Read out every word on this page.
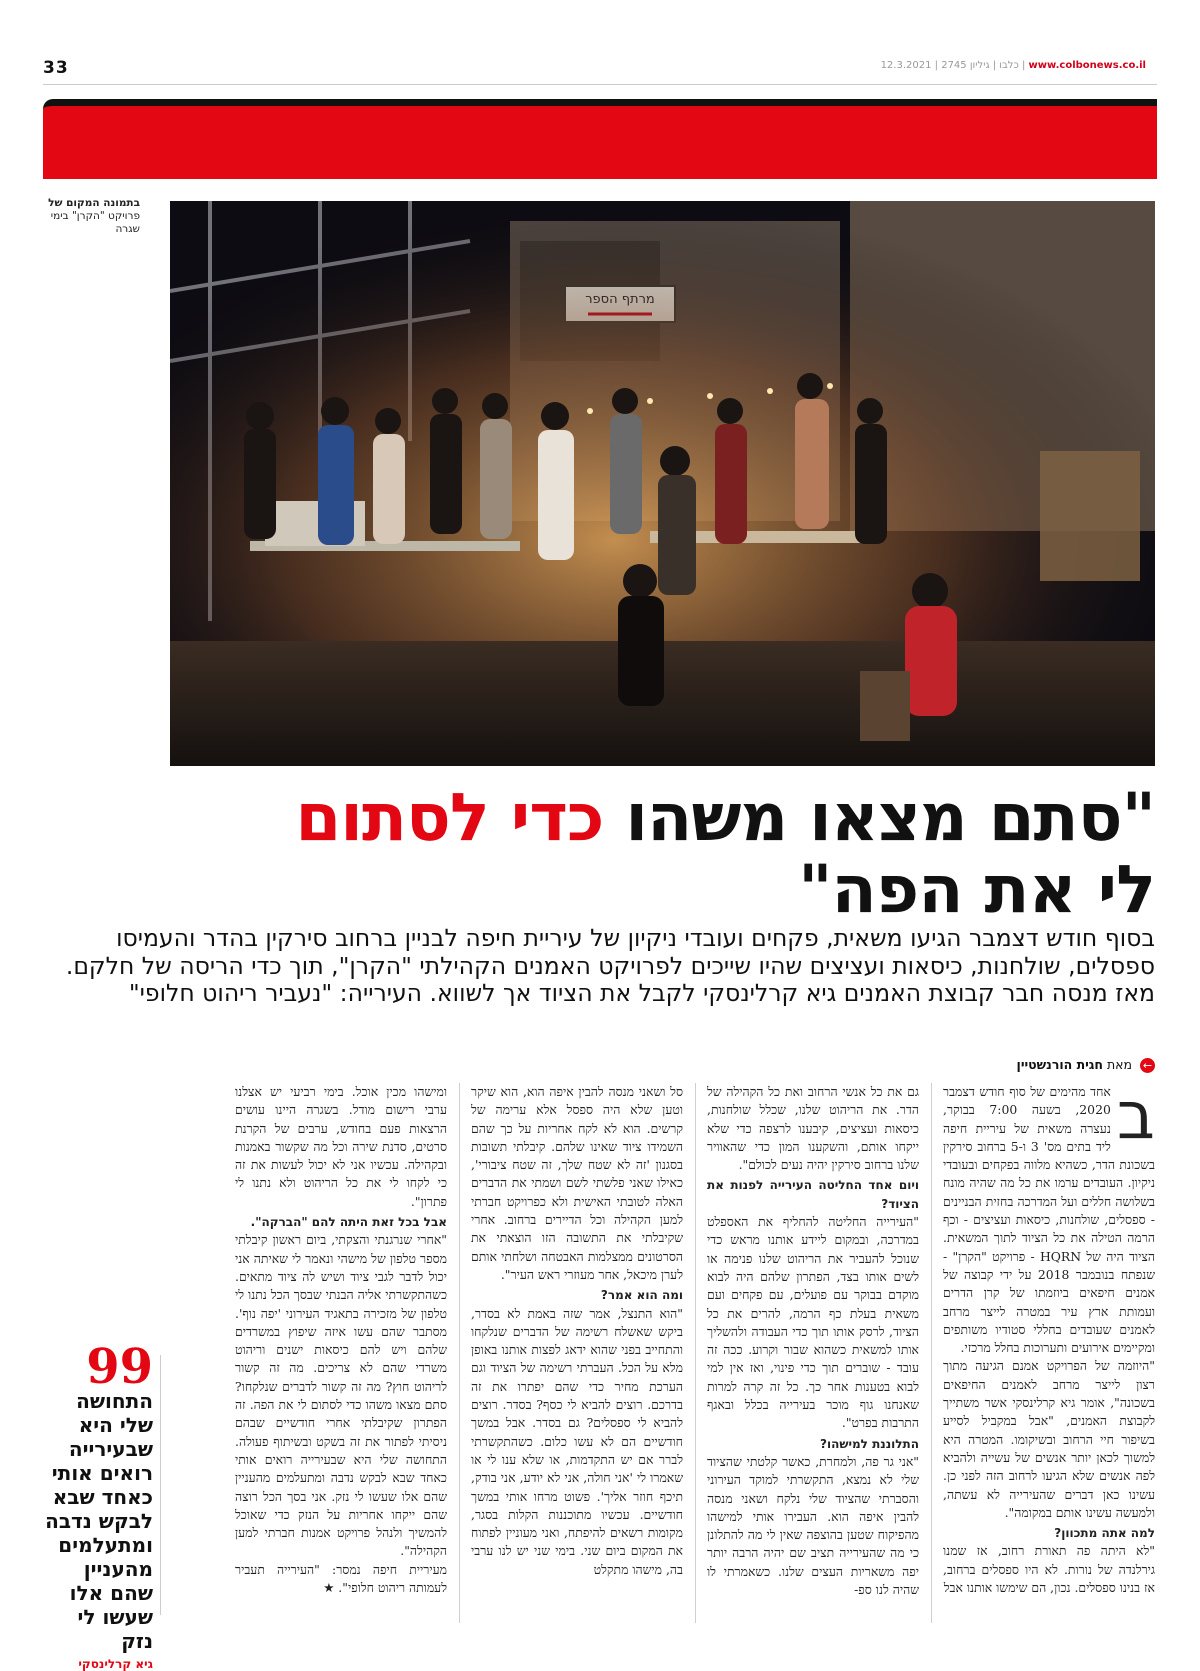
33	www.colbonews.co.il | כלבו | גיליון 2745 | 12.3.2021
בתמונה המקום של פרויקט "הקרן" בימי שגרה
"סתם מצאו משהו כדי לסתום
לי את הפה"
בסוף חודש דצמבר הגיעו משאית, פקחים ועובדי ניקיון של עיריית חיפה לבניין ברחוב סירקין בהדר והעמיסו ספסלים, שולחנות, כיסאות ועציצים שהיו שייכים לפרויקט האמנים הקהילתי "הקרן", תוך כדי הריסה של חלקם. מאז מנסה חבר קבוצת האמנים גיא קרלינסקי לקבל את הציוד אך לשווא. העירייה: "נעביר ריהוט חלופי"
← מאת חגית הורנשטיין
ב

אחד מהימים של סוף חודש דצמבר 2020, בשעה 7:00 בבוקר, נעצרה משאית של עיריית חיפה ליד בתים מס' 3 ו-5 ברחוב סירקין בשכונת הדר, כשהיא מלווה בפקחים ובעובדי ניקיון. העובדים ערמו את כל מה שהיה מונח בשלושה חללים ועל המדרכה בחזית הבניינים - ספסלים, שולחנות, כיסאות ועציצים - וכף הרמה הטילה את כל הציוד לתוך המשאית. הציוד היה של HQRN - פרויקט "הקרן" - שנפתח בנובמבר 2018 על ידי קבוצה של אמנים חיפאים ביוזמתו של קרן הדרים ועמותת ארץ עיר במטרה לייצר מרחב לאמנים שעובדים בחללי סטודיו משותפים ומקיימים אירועים ותערוכות בחלל מרכזי.

"היוזמה של הפרויקט אמנם הגיעה מתוך רצון לייצר מרחב לאמנים החיפאים בשכונה", אומר גיא קרלינסקי אשר משתייך לקבוצת האמנים, "אבל במקביל לסייע בשיפור חיי הרחוב ובשיקומו. המטרה היא למשוך לכאן יותר אנשים של עשייה ולהביא לפה אנשים שלא הגיעו לרחוב הזה לפני כן. עשינו כאן דברים שהעירייה לא עשתה, ולמעשה עשינו אותם במקומה".

למה אתה מתכוון?

"לא היתה פה תאורת רחוב, אז שמנו גירלנדה של נורות. לא היו ספסלים ברחוב, אז בנינו ספסלים. נכון, הם שימשו אותנו אבל

גם את כל אנשי הרחוב ואת כל הקהילה של הדר. את הריהוט שלנו, שכלל שולחנות, כיסאות ועציצים, קיבענו לרצפה כדי שלא ייקחו אותם, והשקענו המון כדי שהאוויר שלנו ברחוב סירקין יהיה נעים לכולם".

ויום אחד החליטה העירייה לפנות את הציוד?

"העירייה החליטה להחליף את האספלט במדרכה, ובמקום ליידע אותנו מראש כדי שנוכל להעביר את הריהוט שלנו פנימה או לשים אותו בצד, הפתרון שלהם היה לבוא מוקדם בבוקר עם פועלים, עם פקחים ועם משאית בעלת כף הרמה, להרים את כל הציוד, לרסק אותו תוך כדי העבודה ולהשליך אותו למשאית כשהוא שבור וקרוע. ככה זה עובד - שוברים תוך כדי פינוי, ואז אין למי לבוא בטענות אחר כך. כל זה קרה למרות שאנחנו גוף מוכר בעירייה בכלל ובאגף התרבות בפרט".

התלוננת למישהו?

"אני גר פה, ולמחרת, כאשר קלטתי שהציוד שלי לא נמצא, התקשרתי למוקד העירוני והסברתי שהציוד שלי נלקח ושאני מנסה להבין איפה הוא. העבירו אותי למישהו מהפיקוח שטען בהוצפה שאין לי מה להתלונן כי מה שהעירייה תציב שם יהיה הרבה יותר יפה משאריות העצים שלנו. כשאמרתי לו שהיה לנו ספ-

סל ושאני מנסה להבין איפה הוא, הוא שיקר וטען שלא היה ספסל אלא ערימה של קרשים. הוא לא לקח אחריות על כך שהם השמידו ציוד שאינו שלהם. קיבלתי תשובות בסגנון 'זה לא שטח שלך, זה שטח ציבורי', כאילו שאני פלשתי לשם ושמתי את הדברים האלה לטובתי האישית ולא כפרויקט חברתי למען הקהילה וכל הדיירים ברחוב. אחרי שקיבלתי את התשובה הזו הוצאתי את הסרטונים ממצלמות האבטחה ושלחתי אותם לערן מיכאל, אחר מעוזרי ראש העיר".

ומה הוא אמר?

"הוא התנצל, אמר שזה באמת לא בסדר, ביקש שאשלח רשימה של הדברים שנלקחו והתחייב בפני שהוא ידאג לפצות אותנו באופן מלא על הכל. העברתי רשימה של הציוד וגם הערכת מחיר כדי שהם יפתרו את זה בדרכם. רוצים להביא לי כסף? בסדר. רוצים להביא לי ספסלים? גם בסדר. אבל במשך חודשיים הם לא עשו כלום. כשהתקשרתי לברר אם יש התקדמות, או שלא ענו לי או שאמרו לי 'אני חולה, אני לא יודע, אני בודק, תיכף חוזר אליך'. פשוט מרחו אותי במשך חודשיים. עכשיו מתוכננות הקלות בסגר, מקומות רשאים להיפתח, ואני מעוניין לפתוח את המקום ביום שני. בימי שני יש לנו ערבי בה, מישהו מתקלט

ומישהו מכין אוכל. בימי רביעי יש אצלנו ערבי רישום מודל. בשגרה היינו עושים הרצאות פעם בחודש, ערבים של הקרנת סרטים, סדנת שירה וכל מה שקשור באמנות ובקהילה. עכשיו אני לא יכול לעשות את זה כי לקחו לי את כל הריהוט ולא נתנו לי פתרון".

אבל בכל זאת היתה להם "הברקה".

"אחרי שנרגנתי והצקתי, ביום ראשון קיבלתי מספר טלפון של מישהי ונאמר לי שאיתה אני יכול לדבר לגבי ציוד ושיש לה ציוד מתאים. כשהתקשרתי אליה הבנתי שבסך הכל נתנו לי טלפון של מזכירה בתאגיד העירוני 'יפה נוף'. מסתבר שהם עשו איזה שיפוץ במשרדים שלהם ויש להם כיסאות ישנים וריהוט משרדי שהם לא צריכים. מה זה קשור לריהוט חוץ? מה זה קשור לדברים שנלקחו? סתם מצאו משהו כדי לסתום לי את הפה. זה הפתרון שקיבלתי אחרי חודשיים שבהם ניסיתי לפתור את זה בשקט ובשיתוף פעולה. התחושה שלי היא שבעירייה רואים אותי כאחד שבא לבקש נדבה ומתעלמים מהעניין שהם אלו שעשו לי נזק. אני בסך הכל רוצה שהם ייקחו אחריות על הנזק כדי שאוכל להמשיך ולנהל פרויקט אמנות חברתי למען הקהילה".

מעיריית חיפה נמסר: "העירייה תעביר לעמותה ריהוט חלופי". ★

99
התחושה שלי היא שבעירייה רואים אותי כאחד שבא לבקש נדבה ומתעלמים מהעניין שהם אלו שעשו לי נזק
גיא קרלינסקי
